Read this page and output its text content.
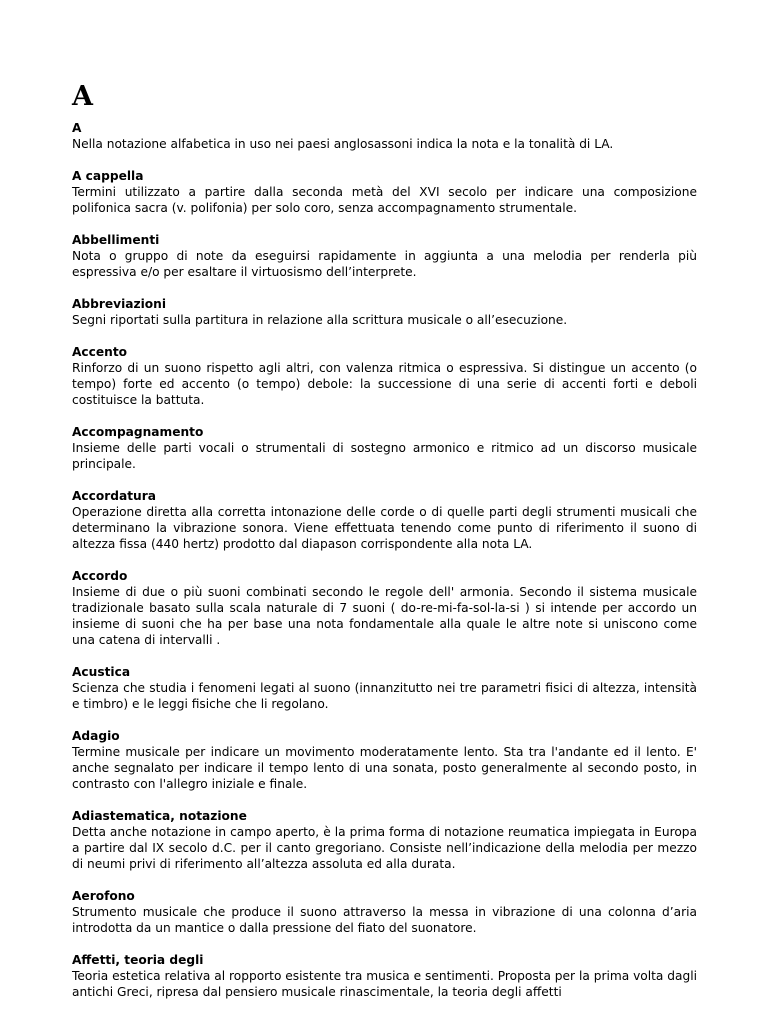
A

A

Nella notazione alfabetica in uso nei paesi anglosassoni indica la nota e la tonalità di LA.

A cappella

Termini utilizzato a partire dalla seconda metà del XVI secolo per indicare una composizione polifonica sacra (v. polifonia) per solo coro, senza accompagnamento strumentale.

Abbellimenti

Nota o gruppo di note da eseguirsi rapidamente in aggiunta a una melodia per renderla più espressiva e/o per esaltare il virtuosismo dell’interprete.

Abbreviazioni

Segni riportati sulla partitura in relazione alla scrittura musicale o all’esecuzione.

Accento

Rinforzo di un suono rispetto agli altri, con valenza ritmica o espressiva. Si distingue un accento (o tempo) forte ed accento (o tempo) debole: la successione di una serie di accenti forti e deboli costituisce la battuta.

Accompagnamento

Insieme delle parti vocali o strumentali di sostegno armonico e ritmico ad un discorso musicale principale.

Accordatura

Operazione diretta alla corretta intonazione delle corde o di quelle parti degli strumenti musicali che determinano la vibrazione sonora. Viene effettuata tenendo come punto di riferimento il suono di altezza fissa (440 hertz) prodotto dal diapason corrispondente alla nota LA.

Accordo

Insieme di due o più suoni combinati secondo le regole dell' armonia. Secondo il sistema musicale tradizionale basato sulla scala naturale di 7 suoni ( do-re-mi-fa-sol-la-si ) si intende per accordo un insieme di suoni che ha per base una nota fondamentale alla quale le altre note si uniscono come una catena di intervalli .

Acustica

Scienza che studia i fenomeni legati al suono (innanzitutto nei tre parametri fisici di altezza, intensità e timbro) e le leggi fisiche che li regolano.

Adagio

Termine musicale per indicare un movimento moderatamente lento. Sta tra l'andante ed il lento. E' anche segnalato per indicare il tempo lento di una sonata, posto generalmente al secondo posto, in contrasto con l'allegro iniziale e finale.

Adiastematica, notazione

Detta anche notazione in campo aperto, è la prima forma di notazione reumatica impiegata in Europa a partire dal IX secolo d.C. per il canto gregoriano. Consiste nell’indicazione della melodia per mezzo di neumi privi di riferimento all’altezza assoluta ed alla durata.

Aerofono

Strumento musicale che produce il suono attraverso la messa in vibrazione di una colonna d’aria introdotta da un mantice o dalla pressione del fiato del suonatore.

Affetti, teoria degli

Teoria estetica relativa al ropporto esistente tra musica e sentimenti. Proposta per la prima volta dagli antichi Greci, ripresa dal pensiero musicale rinascimentale, la teoria degli affetti
